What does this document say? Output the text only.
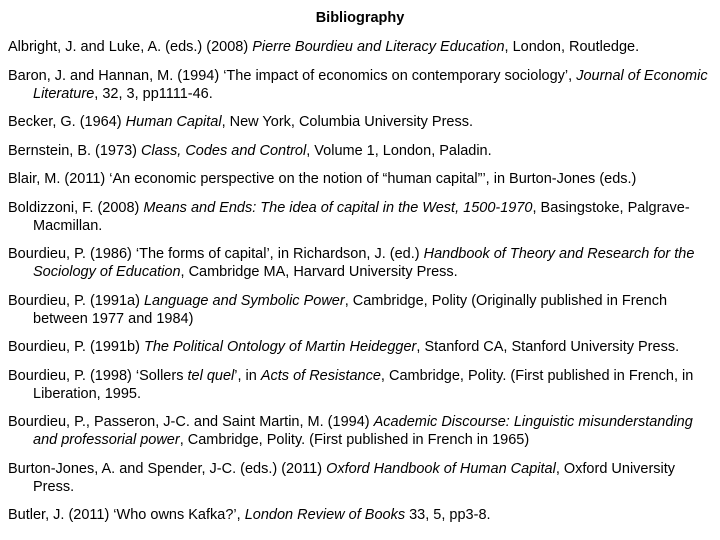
Bibliography
Albright, J. and Luke, A. (eds.) (2008) Pierre Bourdieu and Literacy Education, London, Routledge.
Baron, J. and Hannan, M. (1994) ‘The impact of economics on contemporary sociology’, Journal of Economic Literature, 32, 3, pp1111-46.
Becker, G. (1964) Human Capital, New York, Columbia University Press.
Bernstein, B. (1973) Class, Codes and Control, Volume 1, London, Paladin.
Blair, M. (2011) ‘An economic perspective on the notion of “human capital”’, in Burton-Jones (eds.)
Boldizzoni, F. (2008) Means and Ends: The idea of capital in the West, 1500-1970, Basingstoke, Palgrave-Macmillan.
Bourdieu, P. (1986) ‘The forms of capital’, in Richardson, J. (ed.) Handbook of Theory and Research for the Sociology of Education, Cambridge MA, Harvard University Press.
Bourdieu, P. (1991a) Language and Symbolic Power, Cambridge, Polity (Originally published in French between 1977 and 1984)
Bourdieu, P. (1991b) The Political Ontology of Martin Heidegger, Stanford CA, Stanford University Press.
Bourdieu, P. (1998) ‘Sollers tel quel’, in Acts of Resistance, Cambridge, Polity. (First published in French, in Liberation, 1995.
Bourdieu, P., Passeron, J-C. and Saint Martin, M. (1994) Academic Discourse: Linguistic misunderstanding and professorial power, Cambridge, Polity. (First published in French in 1965)
Burton-Jones, A. and Spender, J-C. (eds.) (2011) Oxford Handbook of Human Capital, Oxford University Press.
Butler, J. (2011) ‘Who owns Kafka?’, London Review of Books 33, 5, pp3-8.
